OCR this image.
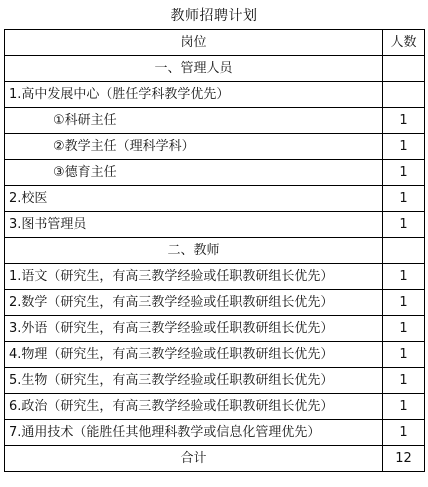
教师招聘计划
岗位	人数
一、管理人员	
1.高中发展中心（胜任学科教学优先）	
①科研主任	1
②教学主任（理科学科）	1
③德育主任	1
2.校医	1
3.图书管理员	1
二、教师	
1.语文（研究生，有高三教学经验或任职教研组长优先）	1
2.数学（研究生，有高三教学经验或任职教研组长优先）	1
3.外语（研究生，有高三教学经验或任职教研组长优先）	1
4.物理（研究生，有高三教学经验或任职教研组长优先）	1
5.生物（研究生，有高三教学经验或任职教研组长优先）	1
6.政治（研究生，有高三教学经验或任职教研组长优先）	1
7.通用技术（能胜任其他理科教学或信息化管理优先）	1
合计	12
